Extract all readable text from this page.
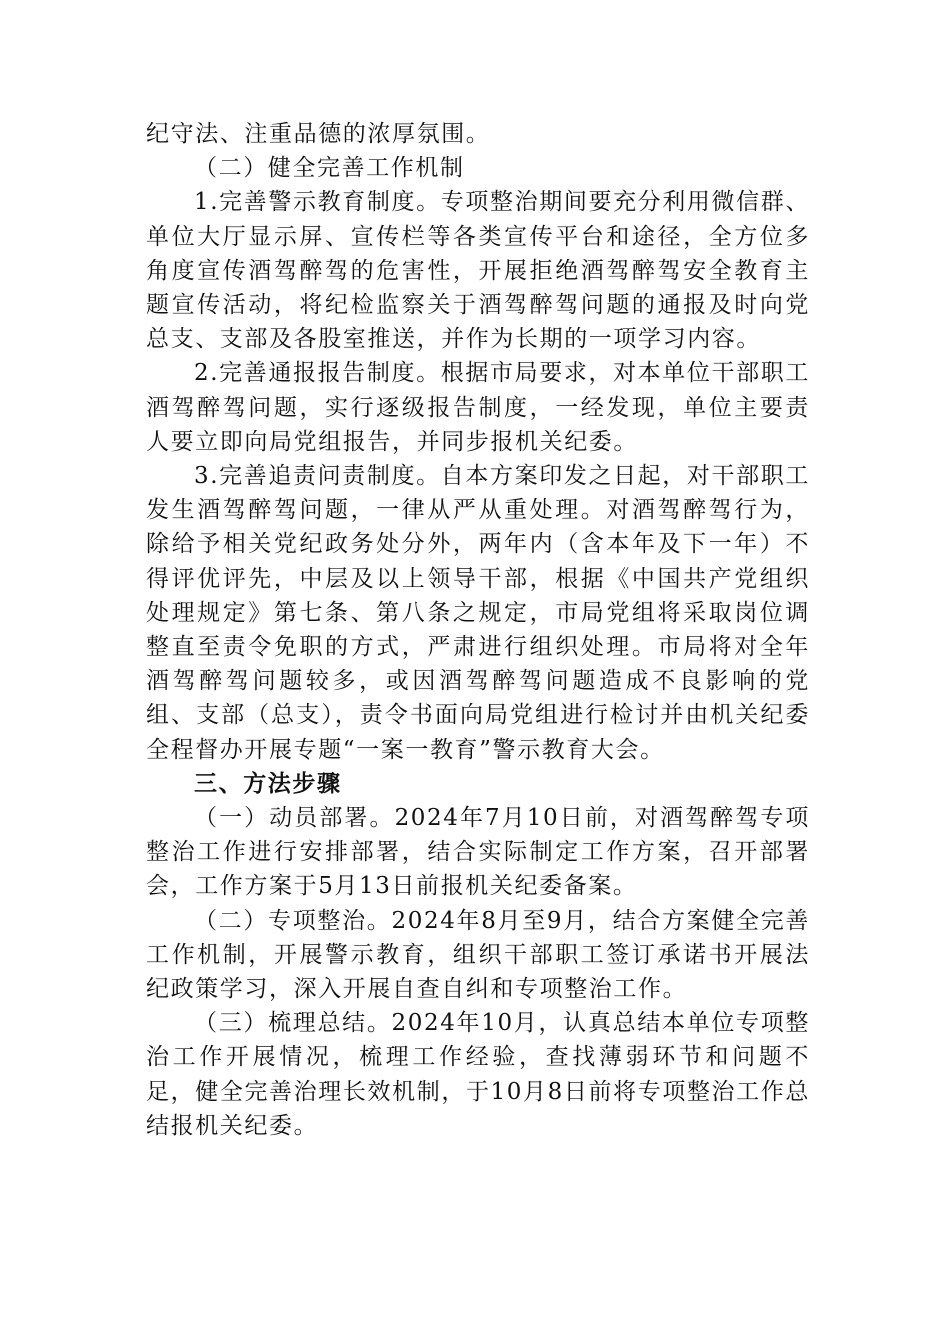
纪守法、注重品德的浓厚氛围。

（二）健全完善工作机制

1.完善警示教育制度。专项整治期间要充分利用微信群、单位大厅显示屏、宣传栏等各类宣传平台和途径，全方位多角度宣传酒驾醉驾的危害性，开展拒绝酒驾醉驾安全教育主题宣传活动，将纪检监察关于酒驾醉驾问题的通报及时向党总支、支部及各股室推送，并作为长期的一项学习内容。

2.完善通报报告制度。根据市局要求，对本单位干部职工酒驾醉驾问题，实行逐级报告制度，一经发现，单位主要责人要立即向局党组报告，并同步报机关纪委。

3.完善追责问责制度。自本方案印发之日起，对干部职工发生酒驾醉驾问题，一律从严从重处理。对酒驾醉驾行为，除给予相关党纪政务处分外，两年内（含本年及下一年）不得评优评先，中层及以上领导干部，根据《中国共产党组织处理规定》第七条、第八条之规定，市局党组将采取岗位调整直至责令免职的方式，严肃进行组织处理。市局将对全年酒驾醉驾问题较多，或因酒驾醉驾问题造成不良影响的党组、支部（总支），责令书面向局党组进行检讨并由机关纪委全程督办开展专题“一案一教育”警示教育大会。

三、方法步骤

（一）动员部署。2024年7月10日前，对酒驾醉驾专项整治工作进行安排部署，结合实际制定工作方案，召开部署会，工作方案于5月13日前报机关纪委备案。

（二）专项整治。2024年8月至9月，结合方案健全完善工作机制，开展警示教育，组织干部职工签订承诺书开展法纪政策学习，深入开展自查自纠和专项整治工作。

（三）梳理总结。2024年10月，认真总结本单位专项整治工作开展情况，梳理工作经验，查找薄弱环节和问题不足，健全完善治理长效机制，于10月8日前将专项整治工作总结报机关纪委。
